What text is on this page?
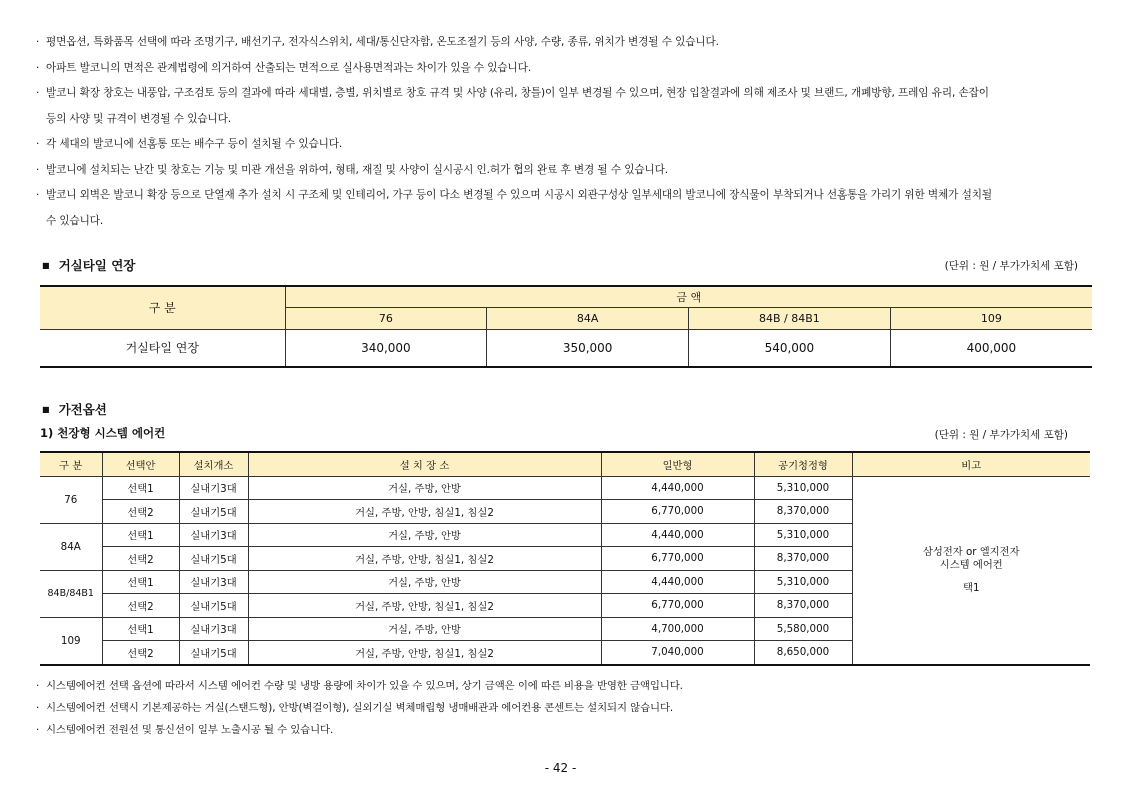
· 평면옵션, 특화품목 선택에 따라 조명기구, 배선기구, 전자식스위치, 세대/통신단자함, 온도조절기 등의 사양, 수량, 종류, 위치가 변경될 수 있습니다.
· 아파트 발코니의 면적은 관계법령에 의거하여 산출되는 면적으로 실사용면적과는 차이가 있을 수 있습니다.
· 발코니 확장 창호는 내풍압, 구조검토 등의 결과에 따라 세대별, 층별, 위치별로 창호 규격 및 사양 (유리, 창틀)이 일부 변경될 수 있으며, 현장 입찰결과에 의해 제조사 및 브랜드, 개폐방향, 프레임 유리, 손잡이
등의 사양 및 규격이 변경될 수 있습니다.
· 각 세대의 발코니에 선홈통 또는 배수구 등이 설치될 수 있습니다.
· 발코니에 설치되는 난간 및 창호는 기능 및 미관 개선을 위하여, 형태, 재질 및 사양이 실시공시 인.허가 협의 완료 후 변경 될 수 있습니다.
· 발코니 외벽은 발코니 확장 등으로 단열재 추가 설치 시 구조체 및 인테리어, 가구 등이 다소 변경될 수 있으며 시공시 외관구성상 일부세대의 발코니에 장식물이 부착되거나 선홈통을 가리기 위한 벽체가 설치될
수 있습니다.
■ 거실타일 연장	(단위 : 원 / 부가가치세 포함)
구 분	금 액			
	76	84A	84B / 84B1	109
거실타일 연장	340,000	350,000	540,000	400,000
■ 가전옵션
1) 천장형 시스템 에어컨	(단위 : 원 / 부가가치세 포함)
구 분	선택안	설치개소	설 치 장 소	일반형	공기청정형	비고
76	선택1	실내기3대	거실, 주방, 안방	4,440,000	5,310,000	삼성전자 or 엘지전자
시스템 에어컨
택1

	선택2	실내기5대	거실, 주방, 안방, 침실1, 침실2	6,770,000	8,370,000	
84A	선택1	실내기3대	거실, 주방, 안방	4,440,000	5,310,000	
	선택2	실내기5대	거실, 주방, 안방, 침실1, 침실2	6,770,000	8,370,000	
84B/84B1	선택1	실내기3대	거실, 주방, 안방	4,440,000	5,310,000	
	선택2	실내기5대	거실, 주방, 안방, 침실1, 침실2	6,770,000	8,370,000	
109	선택1	실내기3대	거실, 주방, 안방	4,700,000	5,580,000	
	선택2	실내기5대	거실, 주방, 안방, 침실1, 침실2	7,040,000	8,650,000	
· 시스템에어컨 선택 옵션에 따라서 시스템 에어컨 수량 및 냉방 용량에 차이가 있을 수 있으며, 상기 금액은 이에 따른 비용을 반영한 금액입니다.
· 시스템에어컨 선택시 기본제공하는 거실(스탠드형), 안방(벽걸이형), 실외기실 벽체매립형 냉매배관과 에어컨용 콘센트는 설치되지 않습니다.
· 시스템에어컨 전원선 및 통신선이 일부 노출시공 될 수 있습니다.
- 42 -
